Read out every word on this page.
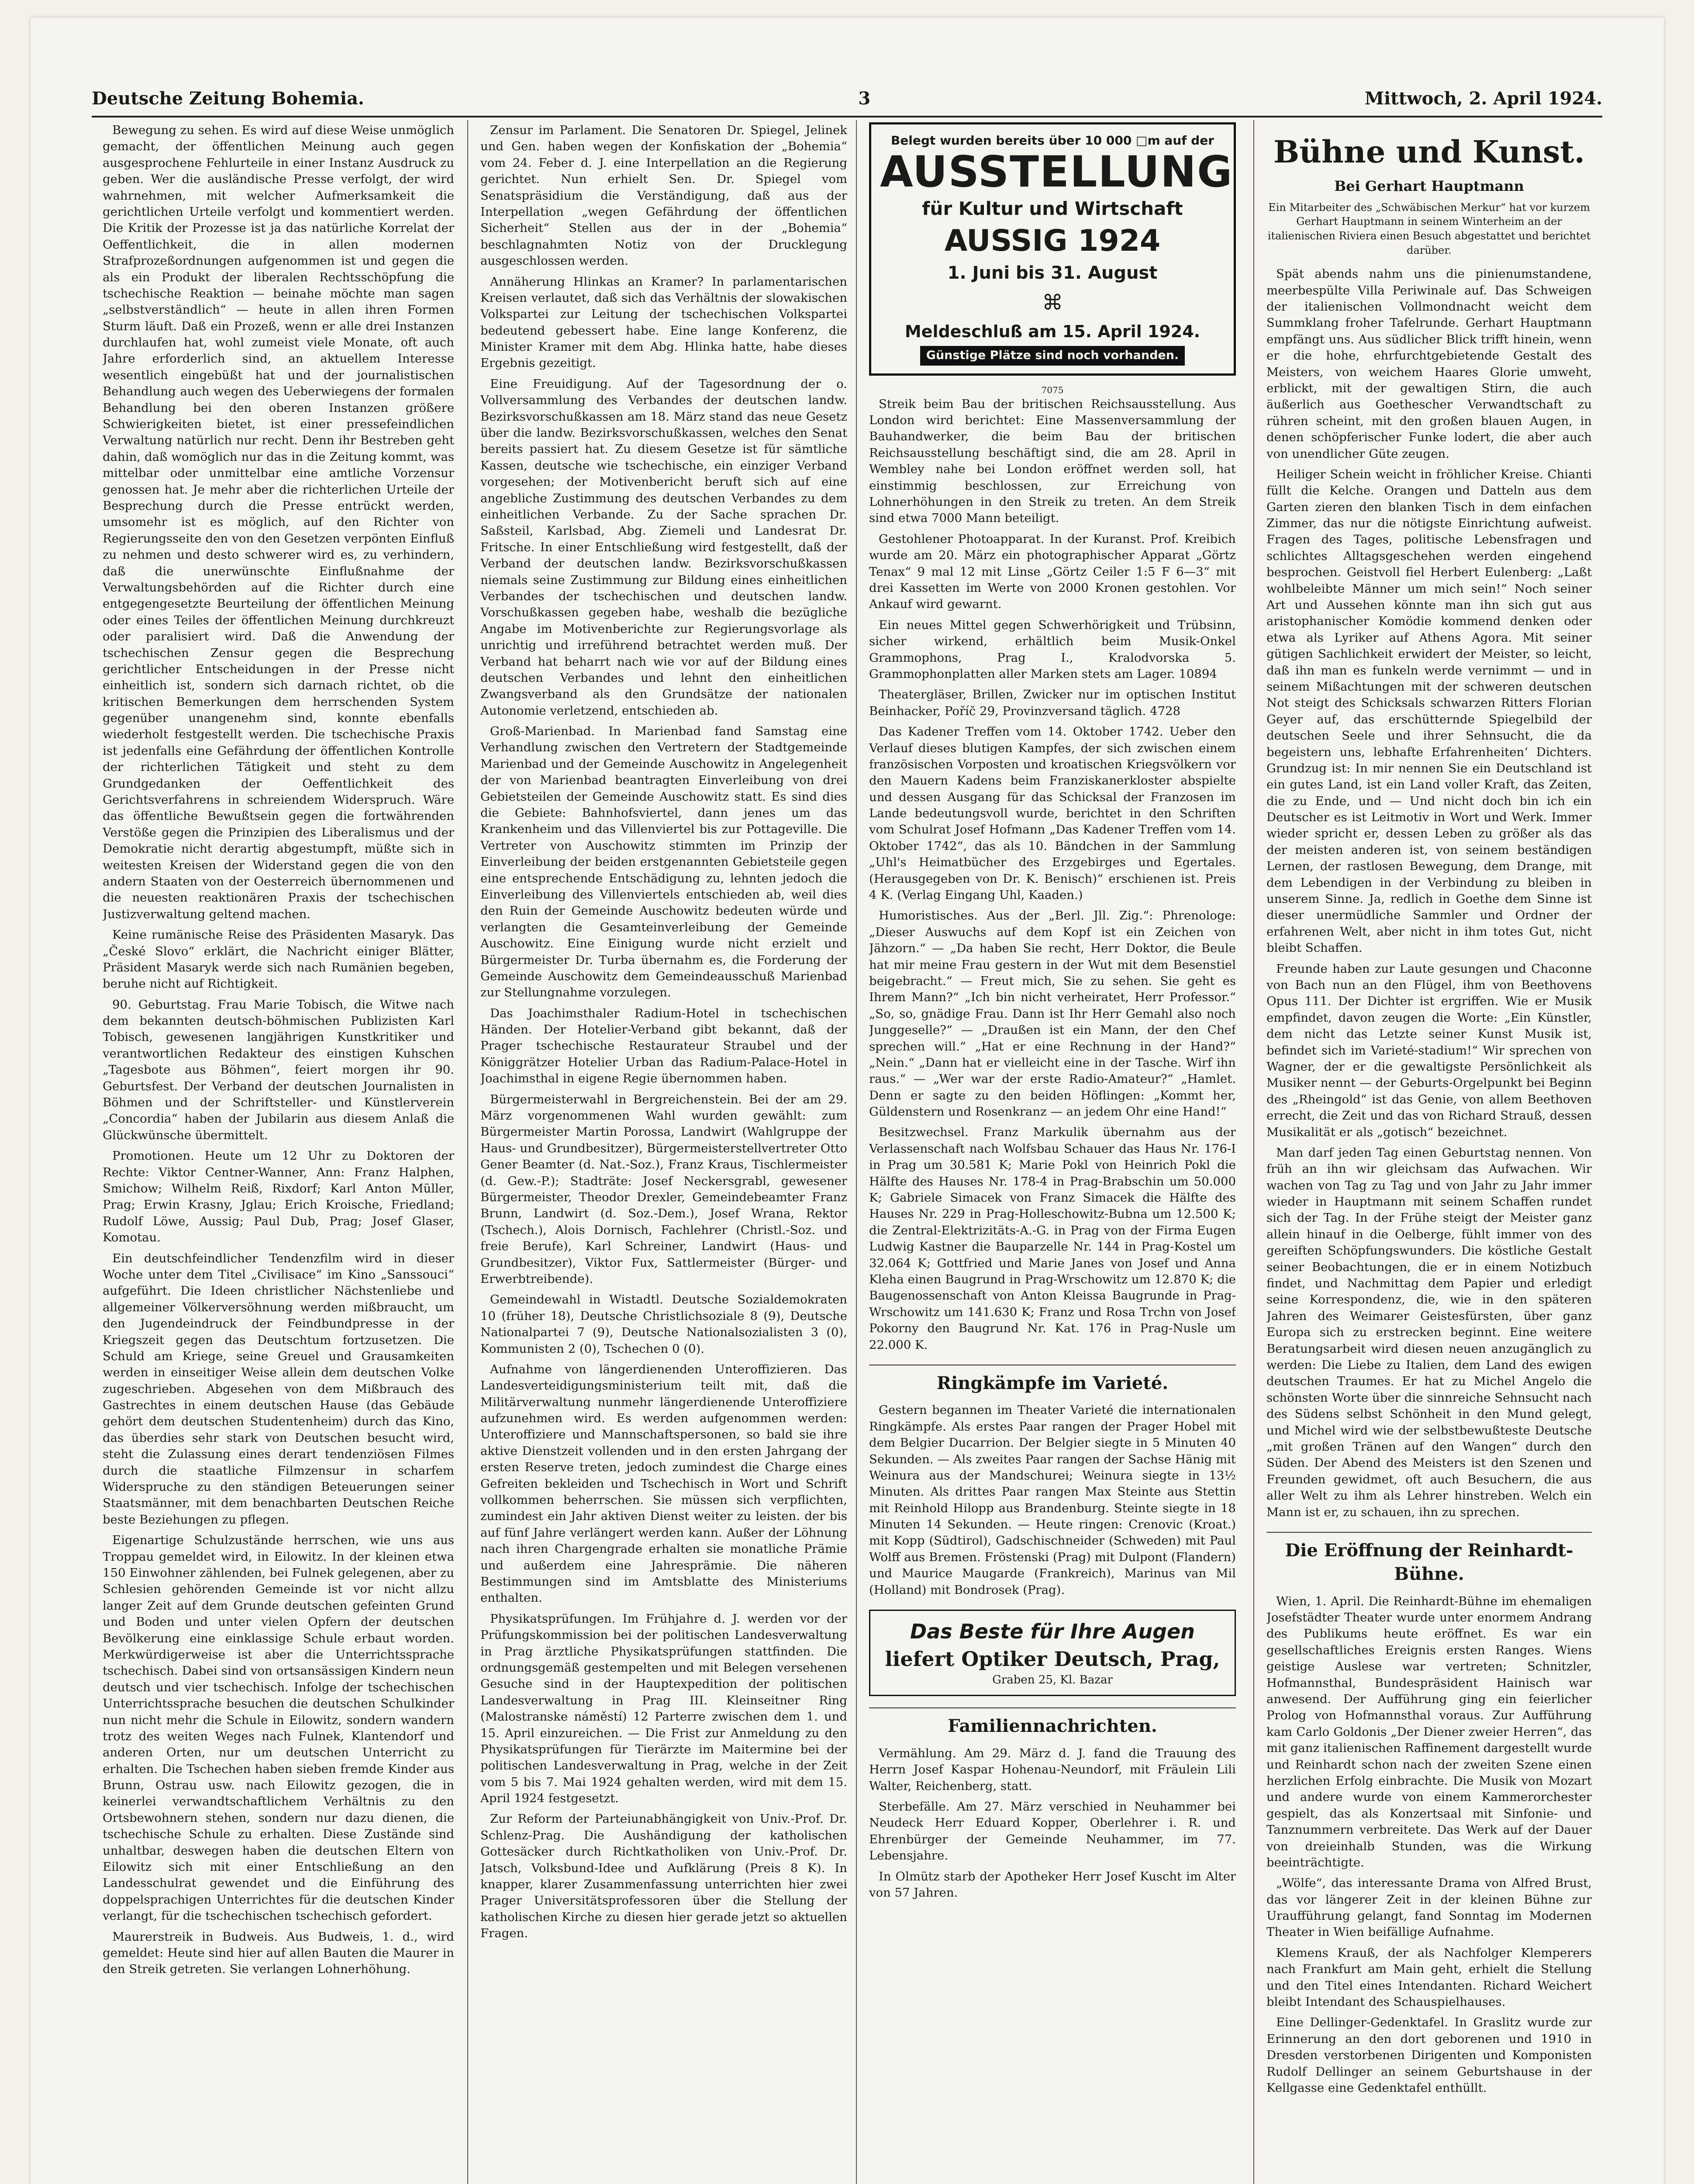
Deutsche Zeitung Bohemia.	3	Mittwoch, 2. April 1924.

Bewegung zu sehen. Es wird auf diese Weise unmöglich gemacht, der öffentlichen Meinung auch gegen ausgesprochene Fehlurteile in einer Instanz Ausdruck zu geben. Wer die ausländische Presse verfolgt, der wird wahrnehmen, mit welcher Aufmerksamkeit die gerichtlichen Urteile verfolgt und kommentiert werden. Die Kritik der Prozesse ist ja das natürliche Korrelat der Oeffentlichkeit, die in allen modernen Strafprozeßordnungen aufgenommen ist und gegen die als ein Produkt der liberalen Rechtsschöpfung die tschechische Reaktion — beinahe möchte man sagen „selbstverständlich“ — heute in allen ihren Formen Sturm läuft. Daß ein Prozeß, wenn er alle drei Instanzen durchlaufen hat, wohl zumeist viele Monate, oft auch Jahre erforderlich sind, an aktuellem Interesse wesentlich eingebüßt hat und der journalistischen Behandlung auch wegen des Ueberwiegens der formalen Behandlung bei den oberen Instanzen größere Schwierigkeiten bietet, ist einer pressefeindlichen Verwaltung natürlich nur recht. Denn ihr Bestreben geht dahin, daß womöglich nur das in die Zeitung kommt, was mittelbar oder unmittelbar eine amtliche Vorzensur genossen hat. Je mehr aber die richterlichen Urteile der Besprechung durch die Presse entrückt werden, umsomehr ist es möglich, auf den Richter von Regierungsseite den von den Gesetzen verpönten Einfluß zu nehmen und desto schwerer wird es, zu verhindern, daß die unerwünschte Einflußnahme der Verwaltungsbehörden auf die Richter durch eine entgegengesetzte Beurteilung der öffentlichen Meinung oder eines Teiles der öffentlichen Meinung durchkreuzt oder paralisiert wird. Daß die Anwendung der tschechischen Zensur gegen die Besprechung gerichtlicher Entscheidungen in der Presse nicht einheitlich ist, sondern sich darnach richtet, ob die kritischen Bemerkungen dem herrschenden System gegenüber unangenehm sind, konnte ebenfalls wiederholt festgestellt werden. Die tschechische Praxis ist jedenfalls eine Gefährdung der öffentlichen Kontrolle der richterlichen Tätigkeit und steht zu dem Grundgedanken der Oeffentlichkeit des Gerichtsverfahrens in schreiendem Widerspruch. Wäre das öffentliche Bewußtsein gegen die fortwährenden Verstöße gegen die Prinzipien des Liberalismus und der Demokratie nicht derartig abgestumpft, müßte sich in weitesten Kreisen der Widerstand gegen die von den andern Staaten von der Oesterreich übernommenen und die neuesten reaktionären Praxis der tschechischen Justizverwaltung geltend machen.

Keine rumänische Reise des Präsidenten Masaryk. Das „České Slovo“ erklärt, die Nachricht einiger Blätter, Präsident Masaryk werde sich nach Rumänien begeben, beruhe nicht auf Richtigkeit.

90. Geburtstag. Frau Marie Tobisch, die Witwe nach dem bekannten deutsch-böhmischen Publizisten Karl Tobisch, gewesenen langjährigen Kunstkritiker und verantwortlichen Redakteur des einstigen Kuhschen „Tagesbote aus Böhmen“, feiert morgen ihr 90. Geburtsfest. Der Verband der deutschen Journalisten in Böhmen und der Schriftsteller- und Künstlerverein „Concordia“ haben der Jubilarin aus diesem Anlaß die Glückwünsche übermittelt.

Promotionen. Heute um 12 Uhr zu Doktoren der Rechte: Viktor Centner-Wanner, Ann: Franz Halphen, Smichow; Wilhelm Reiß, Rixdorf; Karl Anton Müller, Prag; Erwin Krasny, Jglau; Erich Kroische, Friedland; Rudolf Löwe, Aussig; Paul Dub, Prag; Josef Glaser, Komotau.

Ein deutschfeindlicher Tendenzfilm wird in dieser Woche unter dem Titel „Civilisace“ im Kino „Sanssouci“ aufgeführt. Die Ideen christlicher Nächstenliebe und allgemeiner Völkerversöhnung werden mißbraucht, um den Jugendeindruck der Feindbundpresse in der Kriegszeit gegen das Deutschtum fortzusetzen. Die Schuld am Kriege, seine Greuel und Grausamkeiten werden in einseitiger Weise allein dem deutschen Volke zugeschrieben. Abgesehen von dem Mißbrauch des Gastrechtes in einem deutschen Hause (das Gebäude gehört dem deutschen Studentenheim) durch das Kino, das überdies sehr stark von Deutschen besucht wird, steht die Zulassung eines derart tendenziösen Filmes durch die staatliche Filmzensur in scharfem Widerspruche zu den ständigen Beteuerungen seiner Staatsmänner, mit dem benachbarten Deutschen Reiche beste Beziehungen zu pflegen.

Eigenartige Schulzustände herrschen, wie uns aus Troppau gemeldet wird, in Eilowitz. In der kleinen etwa 150 Einwohner zählenden, bei Fulnek gelegenen, aber zu Schlesien gehörenden Gemeinde ist vor nicht allzu langer Zeit auf dem Grunde deutschen gefeinten Grund und Boden und unter vielen Opfern der deutschen Bevölkerung eine einklassige Schule erbaut worden. Merkwürdigerweise ist aber die Unterrichtssprache tschechisch. Dabei sind von ortsansässigen Kindern neun deutsch und vier tschechisch. Infolge der tschechischen Unterrichtssprache besuchen die deutschen Schulkinder nun nicht mehr die Schule in Eilowitz, sondern wandern trotz des weiten Weges nach Fulnek, Klantendorf und anderen Orten, nur um deutschen Unterricht zu erhalten. Die Tschechen haben sieben fremde Kinder aus Brunn, Ostrau usw. nach Eilowitz gezogen, die in keinerlei verwandtschaftlichem Verhältnis zu den Ortsbewohnern stehen, sondern nur dazu dienen, die tschechische Schule zu erhalten. Diese Zustände sind unhaltbar, deswegen haben die deutschen Eltern von Eilowitz sich mit einer Entschließung an den Landesschulrat gewendet und die Einführung des doppelsprachigen Unterrichtes für die deutschen Kinder verlangt, für die tschechischen tschechisch gefordert.

Maurerstreik in Budweis. Aus Budweis, 1. d., wird gemeldet: Heute sind hier auf allen Bauten die Maurer in den Streik getreten. Sie verlangen Lohnerhöhung.

Zensur im Parlament. Die Senatoren Dr. Spiegel, Jelinek und Gen. haben wegen der Konfiskation der „Bohemia“ vom 24. Feber d. J. eine Interpellation an die Regierung gerichtet. Nun erhielt Sen. Dr. Spiegel vom Senatspräsidium die Verständigung, daß aus der Interpellation „wegen Gefährdung der öffentlichen Sicherheit“ Stellen aus der in der „Bohemia“ beschlagnahmten Notiz von der Drucklegung ausgeschlossen werden.

Annäherung Hlinkas an Kramer? In parlamentarischen Kreisen verlautet, daß sich das Verhältnis der slowakischen Volkspartei zur Leitung der tschechischen Volkspartei bedeutend gebessert habe. Eine lange Konferenz, die Minister Kramer mit dem Abg. Hlinka hatte, habe dieses Ergebnis gezeitigt.

Eine Freuidigung. Auf der Tagesordnung der o. Vollversammlung des Verbandes der deutschen landw. Bezirksvorschußkassen am 18. März stand das neue Gesetz über die landw. Bezirksvorschußkassen, welches den Senat bereits passiert hat. Zu diesem Gesetze ist für sämtliche Kassen, deutsche wie tschechische, ein einziger Verband vorgesehen; der Motivenbericht beruft sich auf eine angebliche Zustimmung des deutschen Verbandes zu dem einheitlichen Verbande. Zu der Sache sprachen Dr. Saßsteil, Karlsbad, Abg. Ziemeli und Landesrat Dr. Fritsche. In einer Entschließung wird festgestellt, daß der Verband der deutschen landw. Bezirksvorschußkassen niemals seine Zustimmung zur Bildung eines einheitlichen Verbandes der tschechischen und deutschen landw. Vorschußkassen gegeben habe, weshalb die bezügliche Angabe im Motivenberichte zur Regierungsvorlage als unrichtig und irreführend betrachtet werden muß. Der Verband hat beharrt nach wie vor auf der Bildung eines deutschen Verbandes und lehnt den einheitlichen Zwangsverband als den Grundsätze der nationalen Autonomie verletzend, entschieden ab.

Groß-Marienbad. In Marienbad fand Samstag eine Verhandlung zwischen den Vertretern der Stadtgemeinde Marienbad und der Gemeinde Auschowitz in Angelegenheit der von Marienbad beantragten Einverleibung von drei Gebietsteilen der Gemeinde Auschowitz statt. Es sind dies die Gebiete: Bahnhofsviertel, dann jenes um das Krankenheim und das Villenviertel bis zur Pottageville. Die Vertreter von Auschowitz stimmten im Prinzip der Einverleibung der beiden erstgenannten Gebietsteile gegen eine entsprechende Entschädigung zu, lehnten jedoch die Einverleibung des Villenviertels entschieden ab, weil dies den Ruin der Gemeinde Auschowitz bedeuten würde und verlangten die Gesamteinverleibung der Gemeinde Auschowitz. Eine Einigung wurde nicht erzielt und Bürgermeister Dr. Turba übernahm es, die Forderung der Gemeinde Auschowitz dem Gemeindeausschuß Marienbad zur Stellungnahme vorzulegen.

Das Joachimsthaler Radium-Hotel in tschechischen Händen. Der Hotelier-Verband gibt bekannt, daß der Prager tschechische Restaurateur Straubel und der Königgrätzer Hotelier Urban das Radium-Palace-Hotel in Joachimsthal in eigene Regie übernommen haben.

Bürgermeisterwahl in Bergreichenstein. Bei der am 29. März vorgenommenen Wahl wurden gewählt: zum Bürgermeister Martin Porossa, Landwirt (Wahlgruppe der Haus- und Grundbesitzer), Bürgermeisterstellvertreter Otto Gener Beamter (d. Nat.-Soz.), Franz Kraus, Tischlermeister (d. Gew.-P.); Stadträte: Josef Neckersgrabl, gewesener Bürgermeister, Theodor Drexler, Gemeindebeamter Franz Brunn, Landwirt (d. Soz.-Dem.), Josef Wrana, Rektor (Tschech.), Alois Dornisch, Fachlehrer (Christl.-Soz. und freie Berufe), Karl Schreiner, Landwirt (Haus- und Grundbesitzer), Viktor Fux, Sattlermeister (Bürger- und Erwerbtreibende).

Gemeindewahl in Wistadtl. Deutsche Sozialdemokraten 10 (früher 18), Deutsche Christlichsoziale 8 (9), Deutsche Nationalpartei 7 (9), Deutsche Nationalsozialisten 3 (0), Kommunisten 2 (0), Tschechen 0 (0).

Aufnahme von längerdienenden Unteroffizieren. Das Landesverteidigungsministerium teilt mit, daß die Militärverwaltung nunmehr längerdienende Unteroffiziere aufzunehmen wird. Es werden aufgenommen werden: Unteroffiziere und Mannschaftspersonen, so bald sie ihre aktive Dienstzeit vollenden und in den ersten Jahrgang der ersten Reserve treten, jedoch zumindest die Charge eines Gefreiten bekleiden und Tschechisch in Wort und Schrift vollkommen beherrschen. Sie müssen sich verpflichten, zumindest ein Jahr aktiven Dienst weiter zu leisten. der bis auf fünf Jahre verlängert werden kann. Außer der Löhnung nach ihren Chargengrade erhalten sie monatliche Prämie und außerdem eine Jahresprämie. Die näheren Bestimmungen sind im Amtsblatte des Ministeriums enthalten.

Physikatsprüfungen. Im Frühjahre d. J. werden vor der Prüfungskommission bei der politischen Landesverwaltung in Prag ärztliche Physikatsprüfungen stattfinden. Die ordnungsgemäß gestempelten und mit Belegen versehenen Gesuche sind in der Hauptexpedition der politischen Landesverwaltung in Prag III. Kleinseitner Ring (Malostranske náměstí) 12 Parterre zwischen dem 1. und 15. April einzureichen. — Die Frist zur Anmeldung zu den Physikatsprüfungen für Tierärzte im Maitermine bei der politischen Landesverwaltung in Prag, welche in der Zeit vom 5 bis 7. Mai 1924 gehalten werden, wird mit dem 15. April 1924 festgesetzt.

Zur Reform der Parteiunabhängigkeit von Univ.-Prof. Dr. Schlenz-Prag. Die Aushändigung der katholischen Gottesäcker durch Richtkatholiken von Univ.-Prof. Dr. Jatsch, Volksbund-Idee und Aufklärung (Preis 8 K). In knapper, klarer Zusammenfassung unterrichten hier zwei Prager Universitätsprofessoren über die Stellung der katholischen Kirche zu diesen hier gerade jetzt so aktuellen Fragen.

Belegt wurden bereits über 10 000 □m auf der
AUSSTELLUNG
für Kultur und Wirtschaft
AUSSIG 1924
1. Juni bis 31. August
⌘
Meldeschluß am 15. April 1924.
Günstige Plätze sind noch vorhanden.
7075

Streik beim Bau der britischen Reichsausstellung. Aus London wird berichtet: Eine Massenversammlung der Bauhandwerker, die beim Bau der britischen Reichsausstellung beschäftigt sind, die am 28. April in Wembley nahe bei London eröffnet werden soll, hat einstimmig beschlossen, zur Erreichung von Lohnerhöhungen in den Streik zu treten. An dem Streik sind etwa 7000 Mann beteiligt.

Gestohlener Photoapparat. In der Kuranst. Prof. Kreibich wurde am 20. März ein photographischer Apparat „Görtz Tenax“ 9 mal 12 mit Linse „Görtz Ceiler 1:5 F 6—3“ mit drei Kassetten im Werte von 2000 Kronen gestohlen. Vor Ankauf wird gewarnt.

Ein neues Mittel gegen Schwerhörigkeit und Trübsinn, sicher wirkend, erhältlich beim Musik-Onkel Grammophons, Prag I., Kralodvorska 5. Grammophonplatten aller Marken stets am Lager. 10894

Theatergläser, Brillen, Zwicker nur im optischen Institut Beinhacker, Poříč 29, Provinzversand täglich. 4728

Das Kadener Treffen vom 14. Oktober 1742. Ueber den Verlauf dieses blutigen Kampfes, der sich zwischen einem französischen Vorposten und kroatischen Kriegsvölkern vor den Mauern Kadens beim Franziskanerkloster abspielte und dessen Ausgang für das Schicksal der Franzosen im Lande bedeutungsvoll wurde, berichtet in den Schriften vom Schulrat Josef Hofmann „Das Kadener Treffen vom 14. Oktober 1742“, das als 10. Bändchen in der Sammlung „Uhl's Heimatbücher des Erzgebirges und Egertales. (Herausgegeben von Dr. K. Benisch)“ erschienen ist. Preis 4 K. (Verlag Eingang Uhl, Kaaden.)

Humoristisches. Aus der „Berl. Jll. Zig.“: Phrenologe: „Dieser Auswuchs auf dem Kopf ist ein Zeichen von Jähzorn.“ — „Da haben Sie recht, Herr Doktor, die Beule hat mir meine Frau gestern in der Wut mit dem Besenstiel beigebracht.“ — Freut mich, Sie zu sehen. Sie geht es Ihrem Mann?“ „Ich bin nicht verheiratet, Herr Professor.“ „So, so, gnädige Frau. Dann ist Ihr Herr Gemahl also noch Junggeselle?“ — „Draußen ist ein Mann, der den Chef sprechen will.“ „Hat er eine Rechnung in der Hand?“ „Nein.“ „Dann hat er vielleicht eine in der Tasche. Wirf ihn raus.“ — „Wer war der erste Radio-Amateur?“ „Hamlet. Denn er sagte zu den beiden Höflingen: „Kommt her, Güldenstern und Rosenkranz — an jedem Ohr eine Hand!“

Besitzwechsel. Franz Markulik übernahm aus der Verlassenschaft nach Wolfsbau Schauer das Haus Nr. 176-I in Prag um 30.581 K; Marie Pokl von Heinrich Pokl die Hälfte des Hauses Nr. 178-4 in Prag-Brabschin um 50.000 K; Gabriele Simacek von Franz Simacek die Hälfte des Hauses Nr. 229 in Prag-Holleschowitz-Bubna um 12.500 K; die Zentral-Elektrizitäts-A.-G. in Prag von der Firma Eugen Ludwig Kastner die Bauparzelle Nr. 144 in Prag-Kostel um 32.064 K; Gottfried und Marie Janes von Josef und Anna Kleha einen Baugrund in Prag-Wrschowitz um 12.870 K; die Baugenossenschaft von Anton Kleissa Baugrunde in Prag-Wrschowitz um 141.630 K; Franz und Rosa Trchn von Josef Pokorny den Baugrund Nr. Kat. 176 in Prag-Nusle um 22.000 K.

Ringkämpfe im Varieté.

Gestern begannen im Theater Varieté die internationalen Ringkämpfe. Als erstes Paar rangen der Prager Hobel mit dem Belgier Ducarrion. Der Belgier siegte in 5 Minuten 40 Sekunden. — Als zweites Paar rangen der Sachse Hänig mit Weinura aus der Mandschurei; Weinura siegte in 13½ Minuten. Als drittes Paar rangen Max Steinte aus Stettin mit Reinhold Hilopp aus Brandenburg. Steinte siegte in 18 Minuten 14 Sekunden. — Heute ringen: Crenovic (Kroat.) mit Kopp (Südtirol), Gadschischneider (Schweden) mit Paul Wolff aus Bremen. Fröstenski (Prag) mit Dulpont (Flandern) und Maurice Maugarde (Frankreich), Marinus van Mil (Holland) mit Bondrosek (Prag).

Das Beste für Ihre Augen
liefert Optiker Deutsch, Prag,
Graben 25, Kl. Bazar
Familiennachrichten.

Vermählung. Am 29. März d. J. fand die Trauung des Herrn Josef Kaspar Hohenau-Neundorf, mit Fräulein Lili Walter, Reichenberg, statt.

Sterbefälle. Am 27. März verschied in Neuhammer bei Neudeck Herr Eduard Kopper, Oberlehrer i. R. und Ehrenbürger der Gemeinde Neuhammer, im 77. Lebensjahre.

In Olmütz starb der Apotheker Herr Josef Kuscht im Alter von 57 Jahren.

Bühne und Kunst.
Bei Gerhart Hauptmann

Ein Mitarbeiter des „Schwäbischen Merkur“ hat vor kurzem Gerhart Hauptmann in seinem Winterheim an der italienischen Riviera einen Besuch abgestattet und berichtet darüber.

Spät abends nahm uns die pinienumstandene, meerbespülte Villa Periwinale auf. Das Schweigen der italienischen Vollmondnacht weicht dem Summklang froher Tafelrunde. Gerhart Hauptmann empfängt uns. Aus südlicher Blick trifft hinein, wenn er die hohe, ehrfurchtgebietende Gestalt des Meisters, von weichem Haares Glorie umweht, erblickt, mit der gewaltigen Stirn, die auch äußerlich aus Goethescher Verwandtschaft zu rühren scheint, mit den großen blauen Augen, in denen schöpferischer Funke lodert, die aber auch von unendlicher Güte zeugen.

Heiliger Schein weicht in fröhlicher Kreise. Chianti füllt die Kelche. Orangen und Datteln aus dem Garten zieren den blanken Tisch in dem einfachen Zimmer, das nur die nötigste Einrichtung aufweist. Fragen des Tages, politische Lebensfragen und schlichtes Alltagsgeschehen werden eingehend besprochen. Geistvoll fiel Herbert Eulenberg: „Laßt wohlbeleibte Männer um mich sein!“ Noch seiner Art und Aussehen könnte man ihn sich gut aus aristophanischer Komödie kommend denken oder etwa als Lyriker auf Athens Agora. Mit seiner gütigen Sachlichkeit erwidert der Meister, so leicht, daß ihn man es funkeln werde vernimmt — und in seinem Mißachtungen mit der schweren deutschen Not steigt des Schicksals schwarzen Ritters Florian Geyer auf, das erschütternde Spiegelbild der deutschen Seele und ihrer Sehnsucht, die da begeistern uns, lebhafte Erfahrenheiten‘ Dichters. Grundzug ist: In mir nennen Sie ein Deutschland ist ein gutes Land, ist ein Land voller Kraft, das Zeiten, die zu Ende, und — Und nicht doch bin ich ein Deutscher es ist Leitmotiv in Wort und Werk. Immer wieder spricht er, dessen Leben zu größer als das der meisten anderen ist, von seinem beständigen Lernen, der rastlosen Bewegung, dem Drange, mit dem Lebendigen in der Verbindung zu bleiben in unserem Sinne. Ja, redlich in Goethe dem Sinne ist dieser unermüdliche Sammler und Ordner der erfahrenen Welt, aber nicht in ihm totes Gut, nicht bleibt Schaffen.

Freunde haben zur Laute gesungen und Chaconne von Bach nun an den Flügel, ihm von Beethovens Opus 111. Der Dichter ist ergriffen. Wie er Musik empfindet, davon zeugen die Worte: „Ein Künstler, dem nicht das Letzte seiner Kunst Musik ist, befindet sich im Varieté-stadium!“ Wir sprechen von Wagner, der er die gewaltigste Persönlichkeit als Musiker nennt — der Geburts-Orgelpunkt bei Beginn des „Rheingold“ ist das Genie, von allem Beethoven errecht, die Zeit und das von Richard Strauß, dessen Musikalität er als „gotisch“ bezeichnet.

Man darf jeden Tag einen Geburtstag nennen. Von früh an ihn wir gleichsam das Aufwachen. Wir wachen von Tag zu Tag und von Jahr zu Jahr immer wieder in Hauptmann mit seinem Schaffen rundet sich der Tag. In der Frühe steigt der Meister ganz allein hinauf in die Oelberge, fühlt immer von des gereiften Schöpfungswunders. Die köstliche Gestalt seiner Beobachtungen, die er in einem Notizbuch findet, und Nachmittag dem Papier und erledigt seine Korrespondenz, die, wie in den späteren Jahren des Weimarer Geistesfürsten, über ganz Europa sich zu erstrecken beginnt. Eine weitere Beratungsarbeit wird diesen neuen anzugänglich zu werden: Die Liebe zu Italien, dem Land des ewigen deutschen Traumes. Er hat zu Michel Angelo die schönsten Worte über die sinnreiche Sehnsucht nach des Südens selbst Schönheit in den Mund gelegt, und Michel wird wie der selbstbewußteste Deutsche „mit großen Tränen auf den Wangen“ durch den Süden. Der Abend des Meisters ist den Szenen und Freunden gewidmet, oft auch Besuchern, die aus aller Welt zu ihm als Lehrer hinstreben. Welch ein Mann ist er, zu schauen, ihn zu sprechen.

Die Eröffnung der Reinhardt-Bühne.

Wien, 1. April. Die Reinhardt-Bühne im ehemaligen Josefstädter Theater wurde unter enormem Andrang des Publikums heute eröffnet. Es war ein gesellschaftliches Ereignis ersten Ranges. Wiens geistige Auslese war vertreten; Schnitzler, Hofmannsthal, Bundespräsident Hainisch war anwesend. Der Aufführung ging ein feierlicher Prolog von Hofmannsthal voraus. Zur Aufführung kam Carlo Goldonis „Der Diener zweier Herren“, das mit ganz italienischen Raffinement dargestellt wurde und Reinhardt schon nach der zweiten Szene einen herzlichen Erfolg einbrachte. Die Musik von Mozart und andere wurde von einem Kammerorchester gespielt, das als Konzertsaal mit Sinfonie- und Tanznummern verbreitete. Das Werk auf der Dauer von dreieinhalb Stunden, was die Wirkung beeinträchtigte.

„Wölfe“, das interessante Drama von Alfred Brust, das vor längerer Zeit in der kleinen Bühne zur Uraufführung gelangt, fand Sonntag im Modernen Theater in Wien beifällige Aufnahme.

Klemens Krauß, der als Nachfolger Klemperers nach Frankfurt am Main geht, erhielt die Stellung und den Titel eines Intendanten. Richard Weichert bleibt Intendant des Schauspielhauses.

Eine Dellinger-Gedenktafel. In Graslitz wurde zur Erinnerung an den dort geborenen und 1910 in Dresden verstorbenen Dirigenten und Komponisten Rudolf Dellinger an seinem Geburtshause in der Kellgasse eine Gedenktafel enthüllt.
